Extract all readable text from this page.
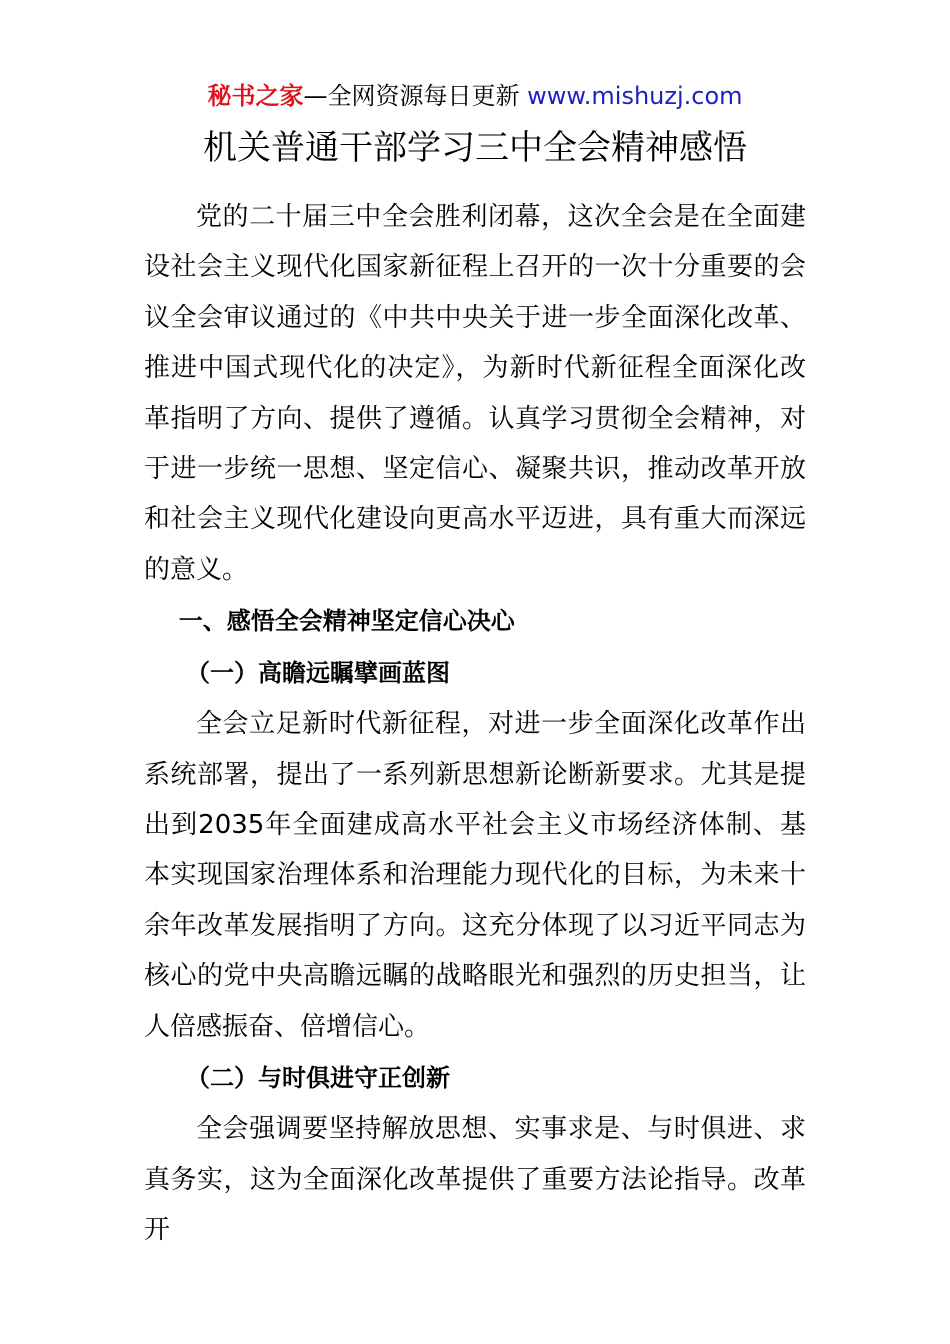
秘书之家—全网资源每日更新 www.mishuzj.com
机关普通干部学习三中全会精神感悟

党的二十届三中全会胜利闭幕，这次全会是在全面建设社会主义现代化国家新征程上召开的一次十分重要的会议全会审议通过的《中共中央关于进一步全面深化改革、推进中国式现代化的决定》，为新时代新征程全面深化改革指明了方向、提供了遵循。认真学习贯彻全会精神，对于进一步统一思想、坚定信心、凝聚共识，推动改革开放和社会主义现代化建设向更高水平迈进，具有重大而深远的意义。

一、感悟全会精神坚定信心决心

（一）高瞻远瞩擘画蓝图

全会立足新时代新征程，对进一步全面深化改革作出系统部署，提出了一系列新思想新论断新要求。尤其是提出到2035年全面建成高水平社会主义市场经济体制、基本实现国家治理体系和治理能力现代化的目标，为未来十余年改革发展指明了方向。这充分体现了以习近平同志为核心的党中央高瞻远瞩的战略眼光和强烈的历史担当，让人倍感振奋、倍增信心。

（二）与时俱进守正创新

全会强调要坚持解放思想、实事求是、与时俱进、求真务实，这为全面深化改革提供了重要方法论指导。改革开
